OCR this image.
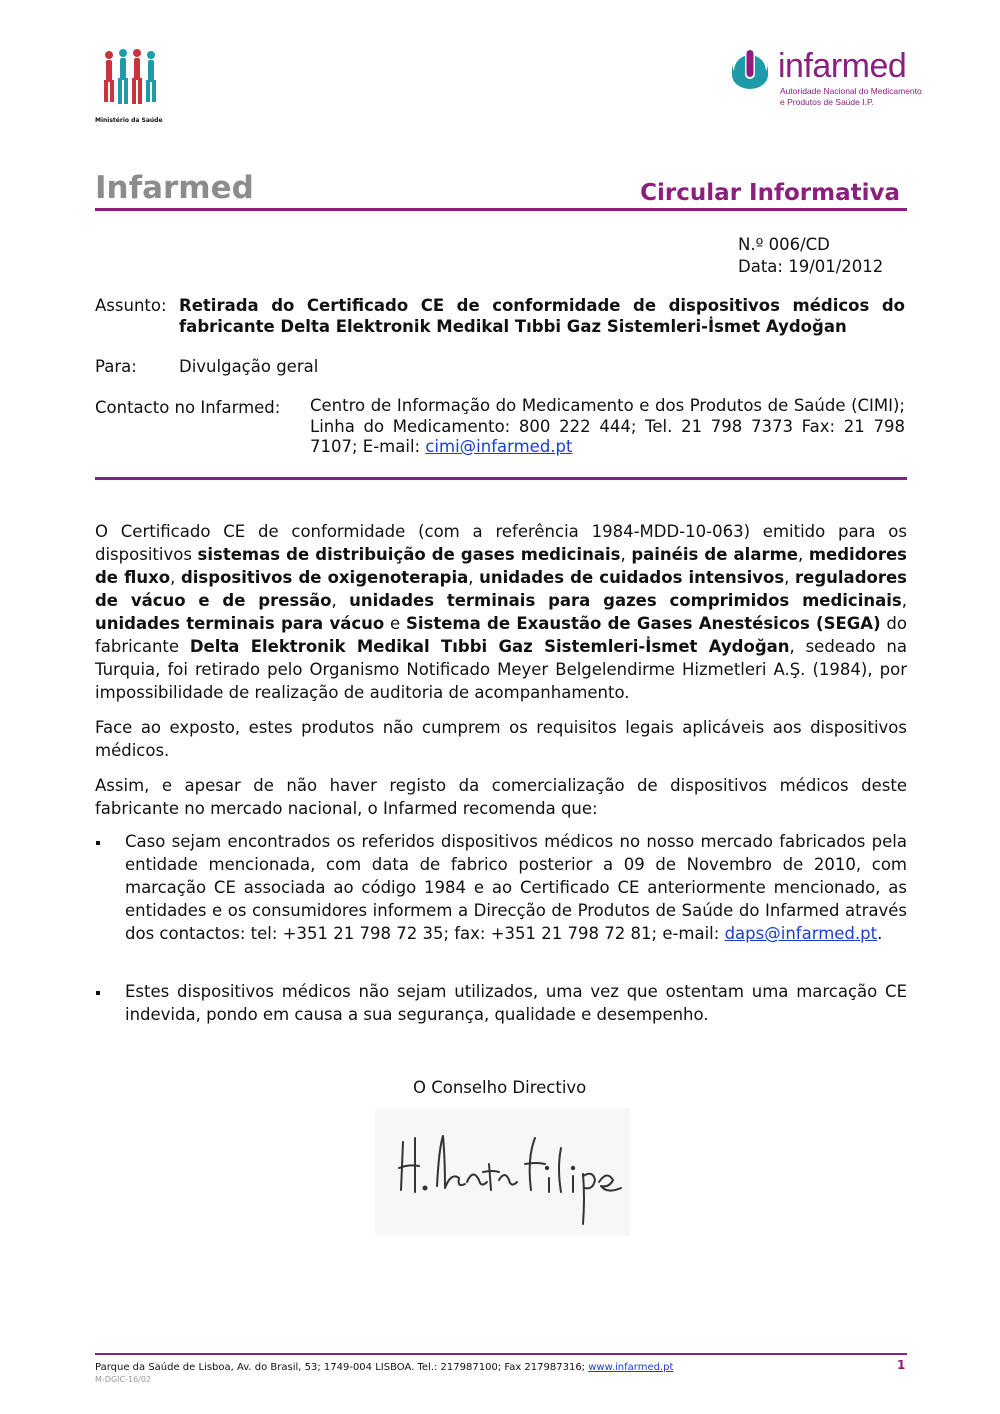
Ministério da Saúde
infarmed
Autoridade Nacional do Medicamento
e Produtos de Saúde I.P.
Infarmed	Circular Informativa
N.º 006/CD
Data: 19/01/2012
Assunto: Retirada do Certificado CE de conformidade de dispositivos médicos do
fabricante Delta Elektronik Medikal Tıbbi Gaz Sistemleri-İsmet Aydoğan
Para:	Divulgação geral
Contacto no Infarmed: Centro de Informação do Medicamento e dos Produtos de Saúde (CIMI); Linha do Medicamento: 800 222 444; Tel. 21 798 7373 Fax: 21 798 7107; E-mail: cimi@infarmed.pt
O Certificado CE de conformidade (com a referência 1984-MDD-10-063) emitido para os dispositivos sistemas de distribuição de gases medicinais, painéis de alarme, medidores de fluxo, dispositivos de oxigenoterapia, unidades de cuidados intensivos, reguladores de vácuo e de pressão, unidades terminais para gazes comprimidos medicinais, unidades terminais para vácuo e Sistema de Exaustão de Gases Anestésicos (SEGA) do fabricante Delta Elektronik Medikal Tıbbi Gaz Sistemleri-İsmet Aydoğan, sedeado na Turquia, foi retirado pelo Organismo Notificado Meyer Belgelendirme Hizmetleri A.Ş. (1984), por impossibilidade de realização de auditoria de acompanhamento.
Face ao exposto, estes produtos não cumprem os requisitos legais aplicáveis aos dispositivos médicos.
Assim, e apesar de não haver registo da comercialização de dispositivos médicos deste fabricante no mercado nacional, o Infarmed recomenda que:
Caso sejam encontrados os referidos dispositivos médicos no nosso mercado fabricados pela entidade mencionada, com data de fabrico posterior a 09 de Novembro de 2010, com marcação CE associada ao código 1984 e ao Certificado CE anteriormente mencionado, as entidades e os consumidores informem a Direcção de Produtos de Saúde do Infarmed através dos contactos: tel: +351 21 798 72 35; fax: +351 21 798 72 81; e-mail: daps@infarmed.pt.
Estes dispositivos médicos não sejam utilizados, uma vez que ostentam uma marcação CE indevida, pondo em causa a sua segurança, qualidade e desempenho.
O Conselho Directivo
Parque da Saúde de Lisboa, Av. do Brasil, 53; 1749-004 LISBOA. Tel.: 217987100; Fax 217987316; www.infarmed.pt	1
M-DGIC-16/02
